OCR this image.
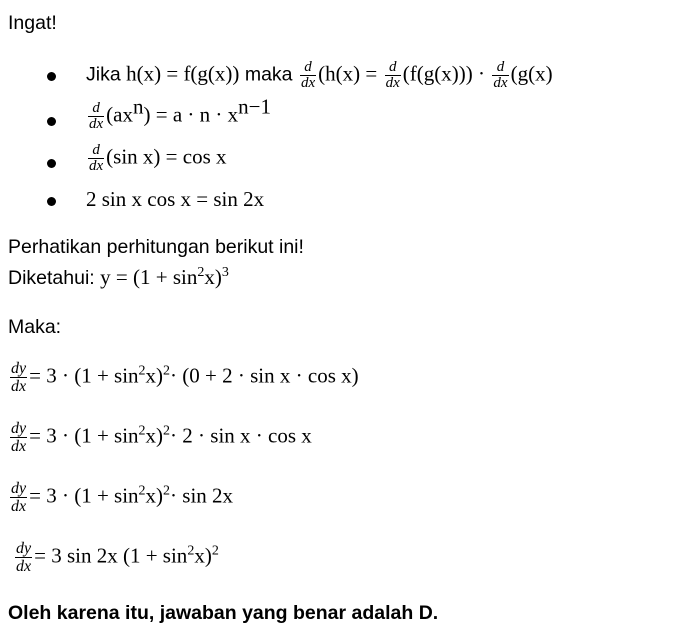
Ingat!
Jika h(x) = f(g(x)) maka $\frac{d}{dx} (h(x) = \frac{d}{dx} (f(g(x))) \cdot \frac{d}{dx} (g(x)$
$\frac{d}{dx} (ax^n) = a \cdot n \cdot x^{n-1}$
$\frac{d}{dx} (\sin$ x) = cos x
2 sin x cos x = sin 2x
Perhatikan perhitungan berikut ini!
Diketahui: $y = (1 + \sin^2x)^3$
Maka:
$\frac{dy}{dx} = 3 \cdot (1 + \sin^2x)^2\cdot (0 + 2 \cdot \sin x \cdot \cos x)$
$\frac{dy}{dx} = 3 \cdot (1 + \sin^2x)^2\cdot 2 \cdot \sin x \cdot \cos x$
$\frac{dy}{dx} = 3 \cdot (1 + \sin^2x)^2\cdot \sin 2x$
$\frac{dy}{dx} = 3$ sin 2x $(1 + \sin^2x)^2$
Oleh karena itu, jawaban yang benar adalah D.
